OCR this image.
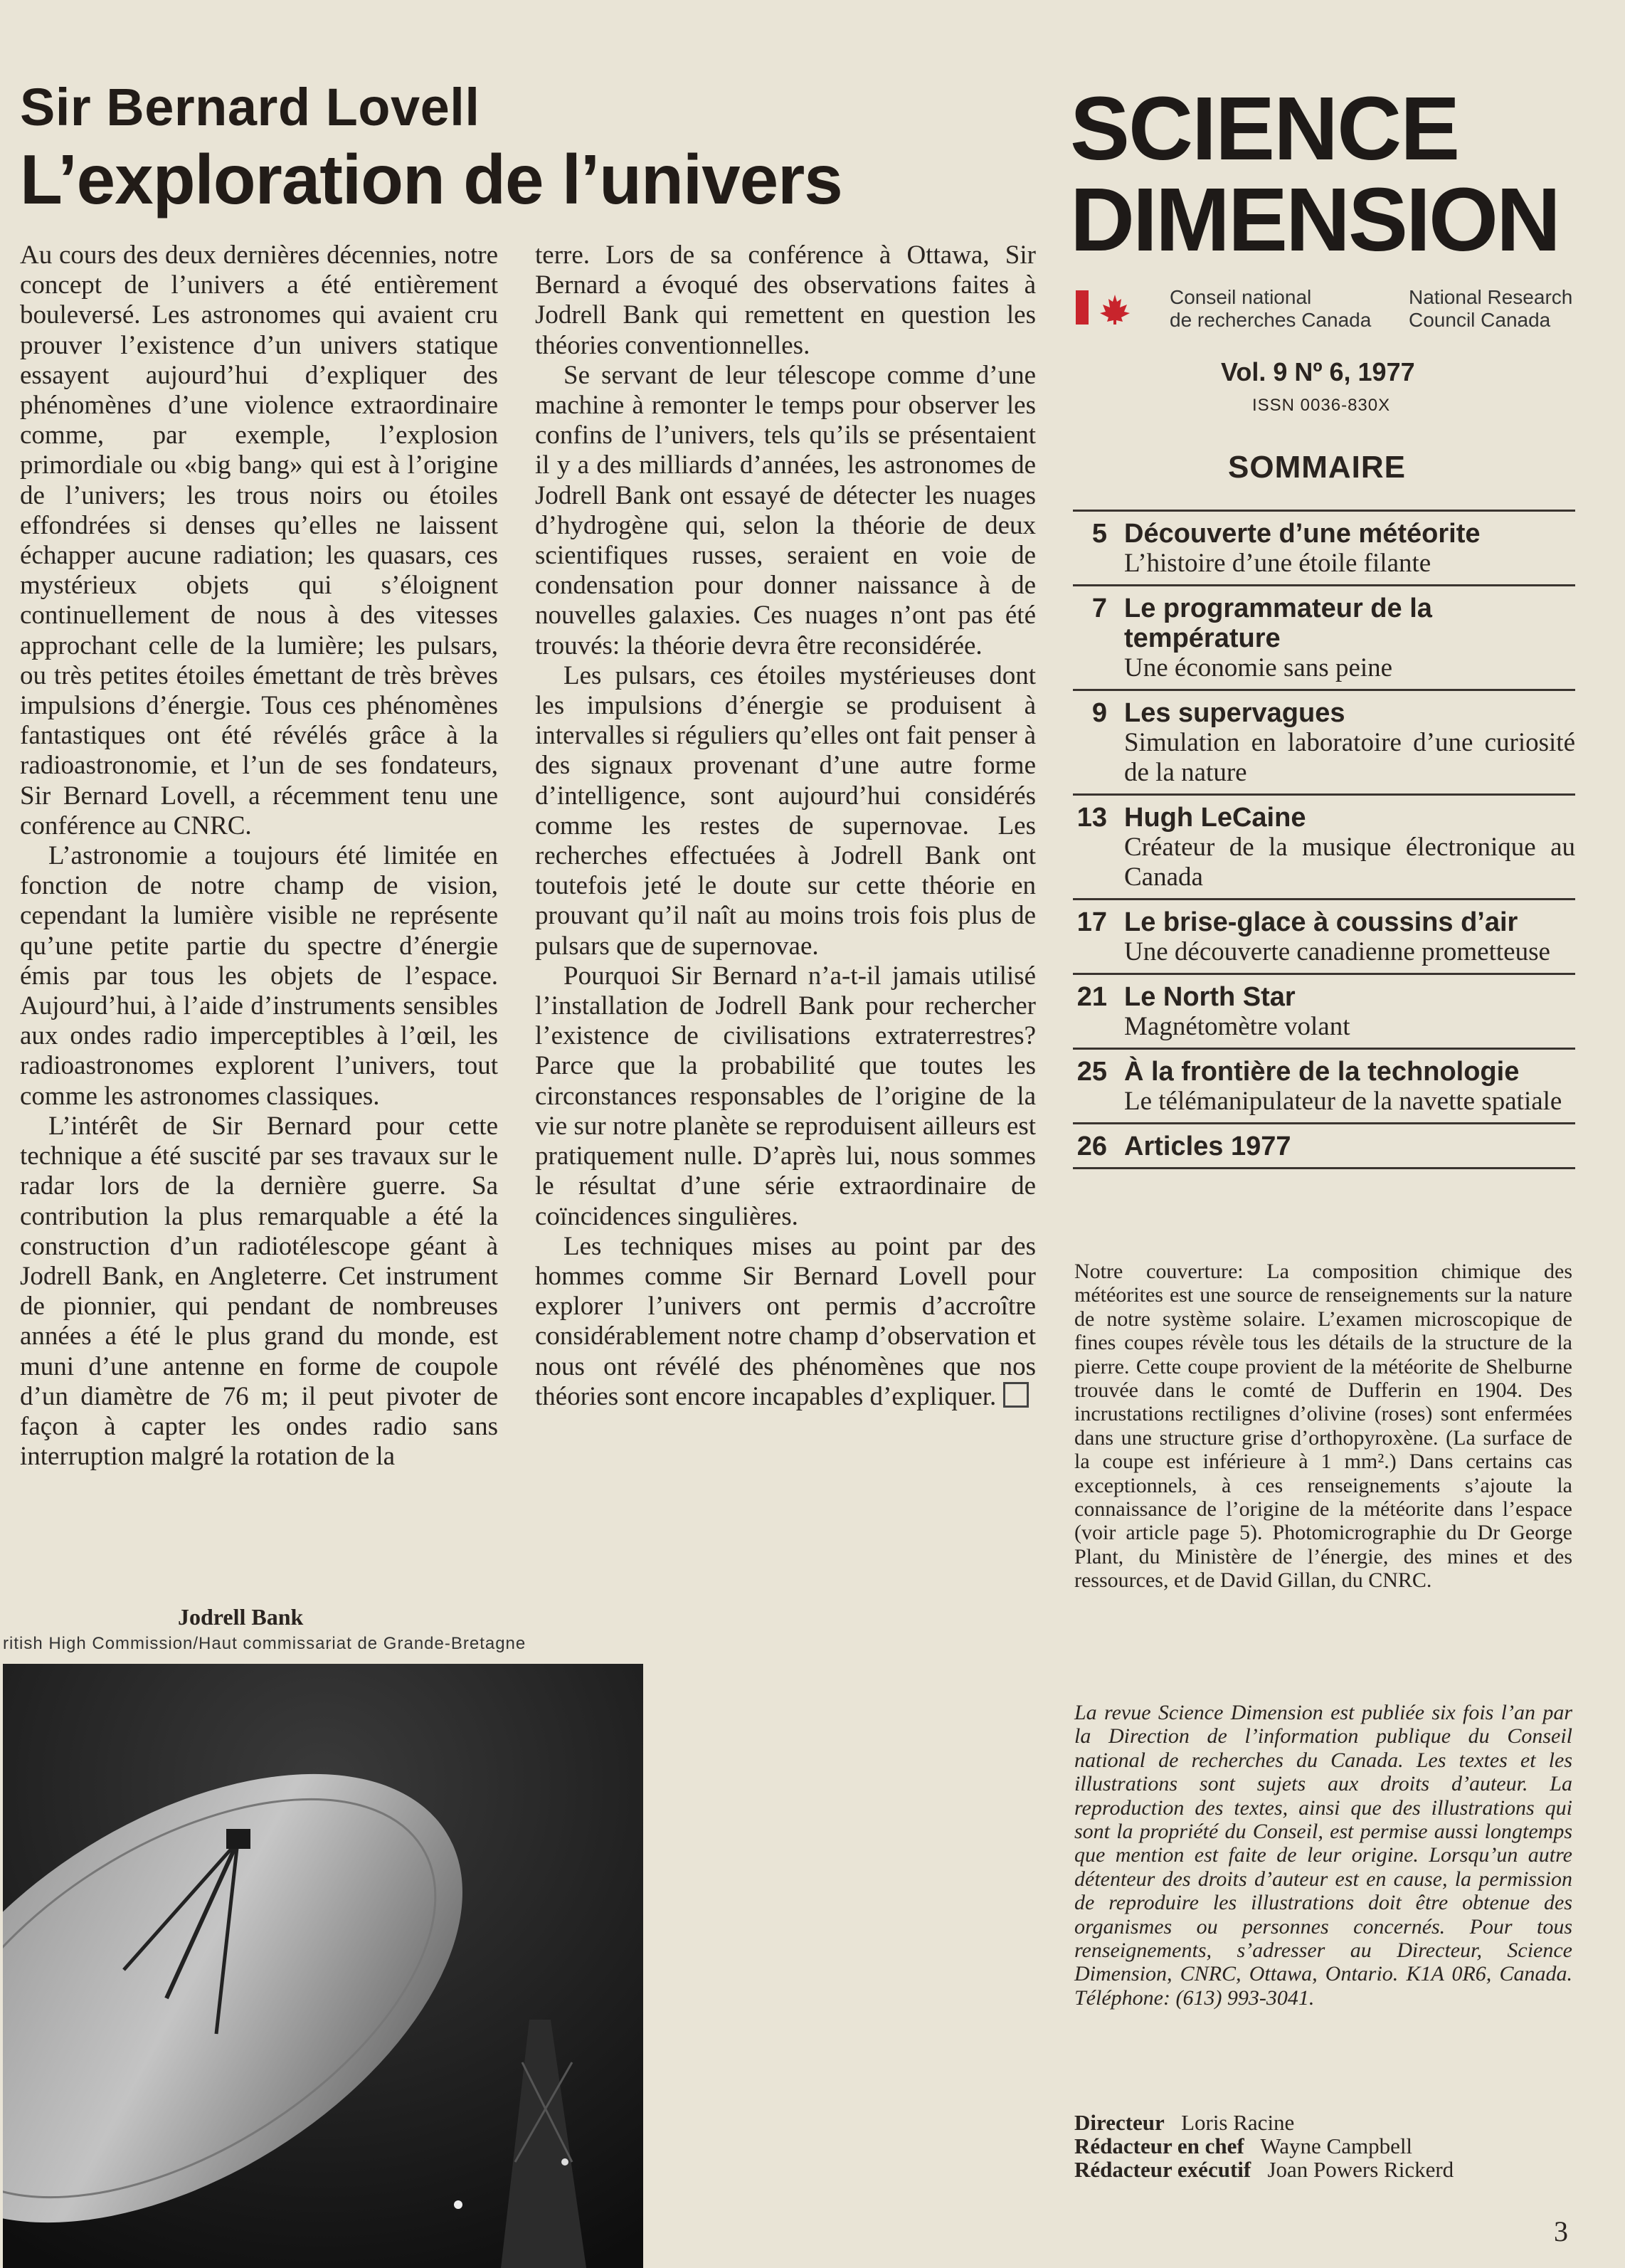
Sir Bernard Lovell
L’exploration de l’univers

Au cours des deux dernières décennies, notre concept de l’univers a été entièrement bouleversé. Les astronomes qui avaient cru prouver l’existence d’un univers statique essayent aujourd’hui d’expliquer des phénomènes d’une violence extraordinaire comme, par exemple, l’explosion primordiale ou «big bang» qui est à l’origine de l’univers; les trous noirs ou étoiles effondrées si denses qu’elles ne laissent échapper aucune radiation; les quasars, ces mystérieux objets qui s’éloignent continuellement de nous à des vitesses approchant celle de la lumière; les pulsars, ou très petites étoiles émettant de très brèves impulsions d’énergie. Tous ces phénomènes fantastiques ont été révélés grâce à la radioastronomie, et l’un de ses fondateurs, Sir Bernard Lovell, a récemment tenu une conférence au CNRC.

L’astronomie a toujours été limitée en fonction de notre champ de vision, cependant la lumière visible ne représente qu’une petite partie du spectre d’énergie émis par tous les objets de l’espace. Aujourd’hui, à l’aide d’instruments sensibles aux ondes radio imperceptibles à l’œil, les radioastronomes explorent l’univers, tout comme les astronomes classiques.

L’intérêt de Sir Bernard pour cette technique a été suscité par ses travaux sur le radar lors de la dernière guerre. Sa contribution la plus remarquable a été la construction d’un radiotélescope géant à Jodrell Bank, en Angleterre. Cet instrument de pionnier, qui pendant de nombreuses années a été le plus grand du monde, est muni d’une antenne en forme de coupole d’un diamètre de 76 m; il peut pivoter de façon à capter les ondes radio sans interruption malgré la rotation de la

terre. Lors de sa conférence à Ottawa, Sir Bernard a évoqué des observations faites à Jodrell Bank qui remettent en question les théories conventionnelles.

Se servant de leur télescope comme d’une machine à remonter le temps pour observer les confins de l’univers, tels qu’ils se présentaient il y a des milliards d’années, les astronomes de Jodrell Bank ont essayé de détecter les nuages d’hydrogène qui, selon la théorie de deux scientifiques russes, seraient en voie de condensation pour donner naissance à de nouvelles galaxies. Ces nuages n’ont pas été trouvés: la théorie devra être reconsidérée.

Les pulsars, ces étoiles mystérieuses dont les impulsions d’énergie se produisent à intervalles si réguliers qu’elles ont fait penser à des signaux provenant d’une autre forme d’intelligence, sont aujourd’hui considérés comme les restes de supernovae. Les recherches effectuées à Jodrell Bank ont toutefois jeté le doute sur cette théorie en prouvant qu’il naît au moins trois fois plus de pulsars que de supernovae.

Pourquoi Sir Bernard n’a-t-il jamais utilisé l’installation de Jodrell Bank pour rechercher l’existence de civilisations extraterrestres? Parce que la probabilité que toutes les circonstances responsables de l’origine de la vie sur notre planète se reproduisent ailleurs est pratiquement nulle. D’après lui, nous sommes le résultat d’une série extraordinaire de coïncidences singulières.

Les techniques mises au point par des hommes comme Sir Bernard Lovell pour explorer l’univers ont permis d’accroître considérablement notre champ d’observation et nous ont révélé des phénomènes que nos théories sont encore incapables d’expliquer.

Jodrell Bank
ritish High Commission/Haut commissariat de Grande-Bretagne
SCIENCE
DIMENSION
Conseil national
de recherches Canada
National Research
Council Canada
Vol. 9 Nº 6, 1977
ISSN 0036-830X
SOMMAIRE
5 Découverte d’une météorite
L’histoire d’une étoile filante
7 Le programmateur de la température
Une économie sans peine
9 Les supervagues
Simulation en laboratoire d’une curiosité de la nature
13 Hugh LeCaine
Créateur de la musique électronique au Canada
17 Le brise-glace à coussins d’air
Une découverte canadienne prometteuse
21 Le North Star
Magnétomètre volant
25 À la frontière de la technologie
Le télémanipulateur de la navette spatiale
26 Articles 1977
Notre couverture: La composition chimique des météorites est une source de renseignements sur la nature de notre système solaire. L’examen microscopique de fines coupes révèle tous les détails de la structure de la pierre. Cette coupe provient de la météorite de Shelburne trouvée dans le comté de Dufferin en 1904. Des incrustations rectilignes d’olivine (roses) sont enfermées dans une structure grise d’orthopyroxène. (La surface de la coupe est inférieure à 1 mm².) Dans certains cas exceptionnels, à ces renseignements s’ajoute la connaissance de l’origine de la météorite dans l’espace (voir article page 5). Photomicrographie du Dr George Plant, du Ministère de l’énergie, des mines et des ressources, et de David Gillan, du CNRC.
La revue Science Dimension est publiée six fois l’an par la Direction de l’information publique du Conseil national de recherches du Canada. Les textes et les illustrations sont sujets aux droits d’auteur. La reproduction des textes, ainsi que des illustrations qui sont la propriété du Conseil, est permise aussi longtemps que mention est faite de leur origine. Lorsqu’un autre détenteur des droits d’auteur est en cause, la permission de reproduire les illustrations doit être obtenue des organismes ou personnes concernés. Pour tous renseignements, s’adresser au Directeur, Science Dimension, CNRC, Ottawa, Ontario. K1A 0R6, Canada. Téléphone: (613) 993-3041.
Directeur Loris Racine
Rédacteur en chef Wayne Campbell
Rédacteur exécutif Joan Powers Rickerd
3
